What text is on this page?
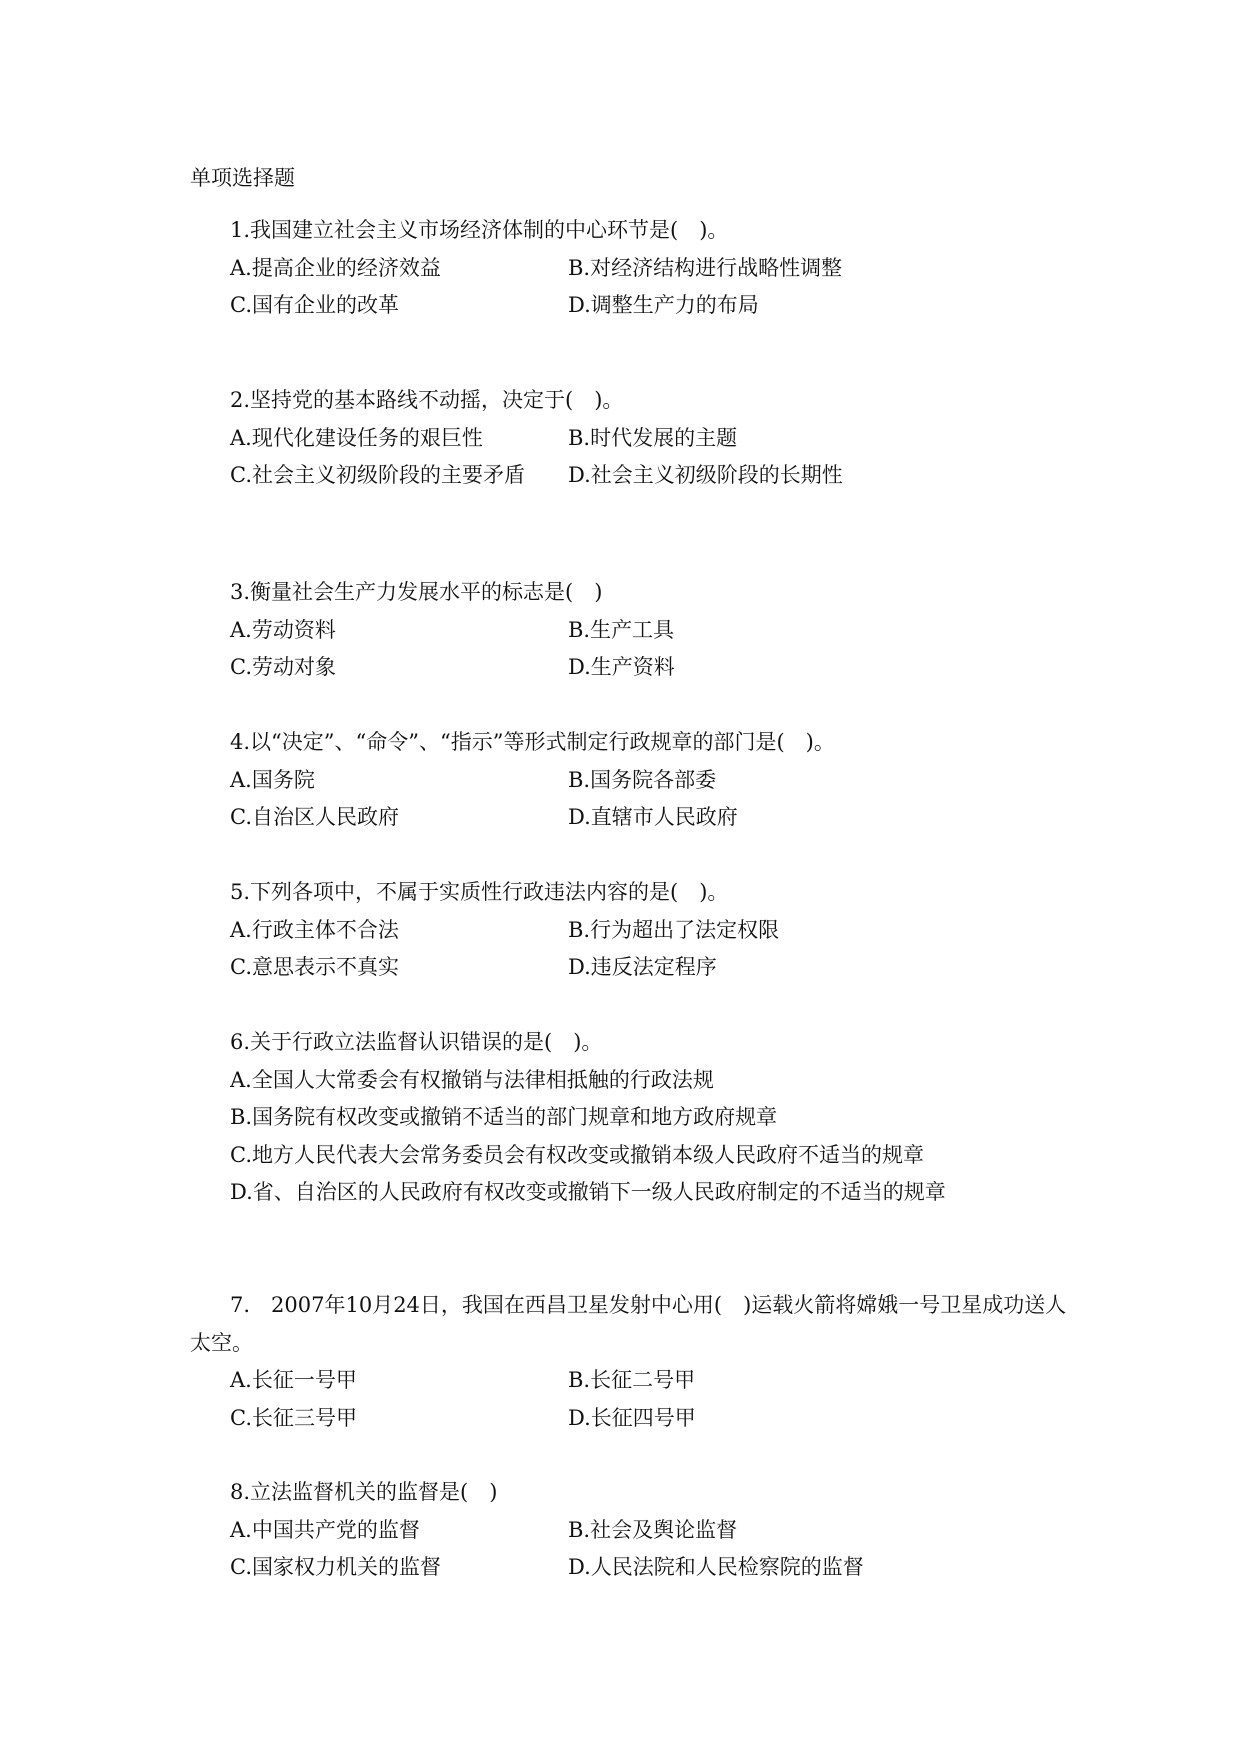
单项选择题
1.我国建立社会主义市场经济体制的中心环节是(　)。
A.提高企业的经济效益	B.对经济结构进行战略性调整
C.国有企业的改革	D.调整生产力的布局
2.坚持党的基本路线不动摇，决定于(　)。
A.现代化建设任务的艰巨性	B.时代发展的主题
C.社会主义初级阶段的主要矛盾	D.社会主义初级阶段的长期性
3.衡量社会生产力发展水平的标志是(　)
A.劳动资料	B.生产工具
C.劳动对象	D.生产资料
4.以“决定”、“命令”、“指示”等形式制定行政规章的部门是(　)。
A.国务院	B.国务院各部委
C.自治区人民政府	D.直辖市人民政府
5.下列各项中，不属于实质性行政违法内容的是(　)。
A.行政主体不合法	B.行为超出了法定权限
C.意思表示不真实	D.违反法定程序
6.关于行政立法监督认识错误的是(　)。
A.全国人大常委会有权撤销与法律相抵触的行政法规
B.国务院有权改变或撤销不适当的部门规章和地方政府规章
C.地方人民代表大会常务委员会有权改变或撤销本级人民政府不适当的规章
D.省、自治区的人民政府有权改变或撤销下一级人民政府制定的不适当的规章
7.　2007年10月24日，我国在西昌卫星发射中心用(　)运载火箭将嫦娥一号卫星成功送人太空。
A.长征一号甲	B.长征二号甲
C.长征三号甲	D.长征四号甲
8.立法监督机关的监督是(　)
A.中国共产党的监督	B.社会及舆论监督
C.国家权力机关的监督	D.人民法院和人民检察院的监督
